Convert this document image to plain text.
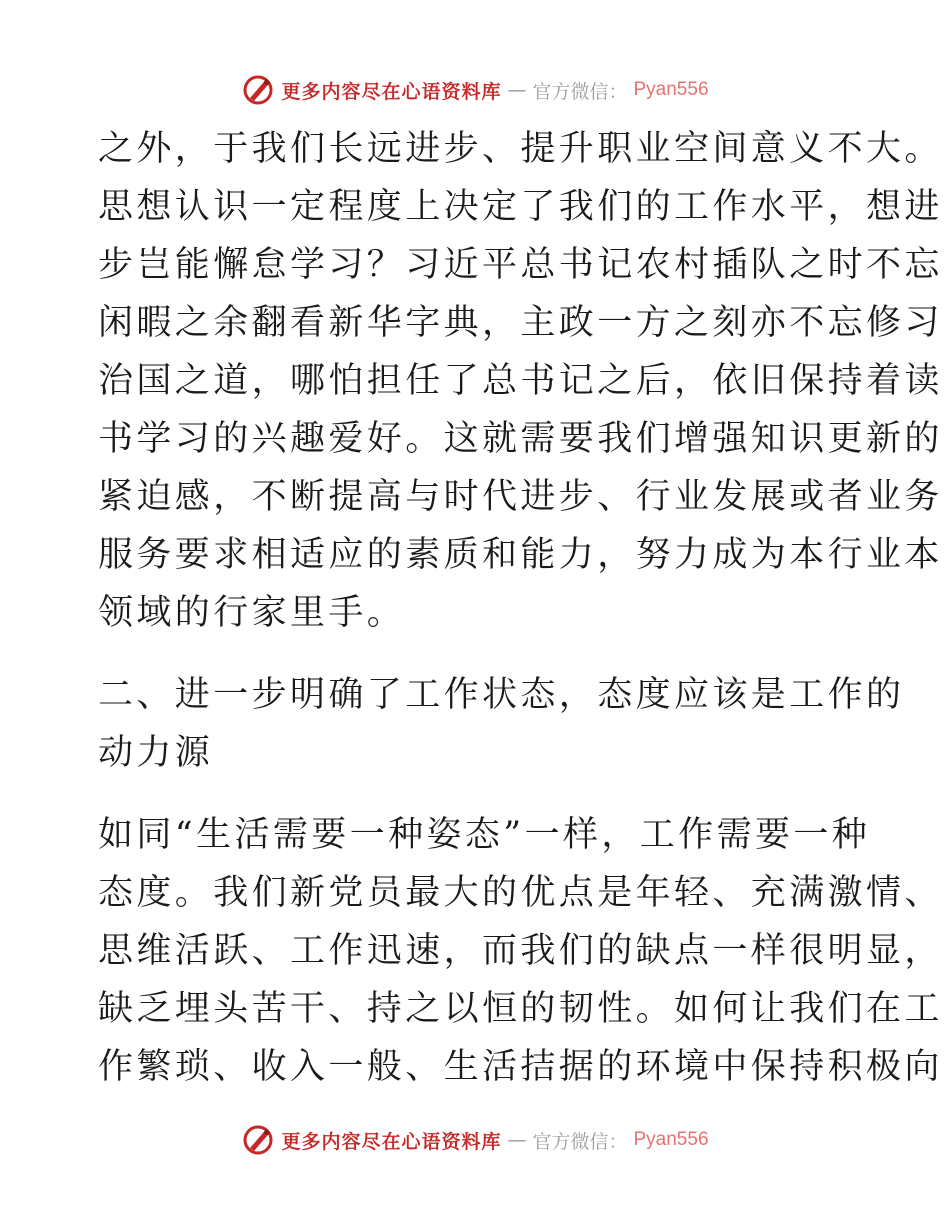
更多内容尽在心语资料库 — 官方微信： Pyan556
之外，于我们长远进步、提升职业空间意义不大。
思想认识一定程度上决定了我们的工作水平，想进
步岂能懈怠学习？习近平总书记农村插队之时不忘
闲暇之余翻看新华字典，主政一方之刻亦不忘修习
治国之道，哪怕担任了总书记之后，依旧保持着读
书学习的兴趣爱好。这就需要我们增强知识更新的
紧迫感，不断提高与时代进步、行业发展或者业务
服务要求相适应的素质和能力，努力成为本行业本
领域的行家里手。
二、进一步明确了工作状态，态度应该是工作的
动力源
如同“生活需要一种姿态”一样，工作需要一种
态度。我们新党员最大的优点是年轻、充满激情、
思维活跃、工作迅速，而我们的缺点一样很明显，
缺乏埋头苦干、持之以恒的韧性。如何让我们在工
作繁琐、收入一般、生活拮据的环境中保持积极向
更多内容尽在心语资料库 — 官方微信： Pyan556
